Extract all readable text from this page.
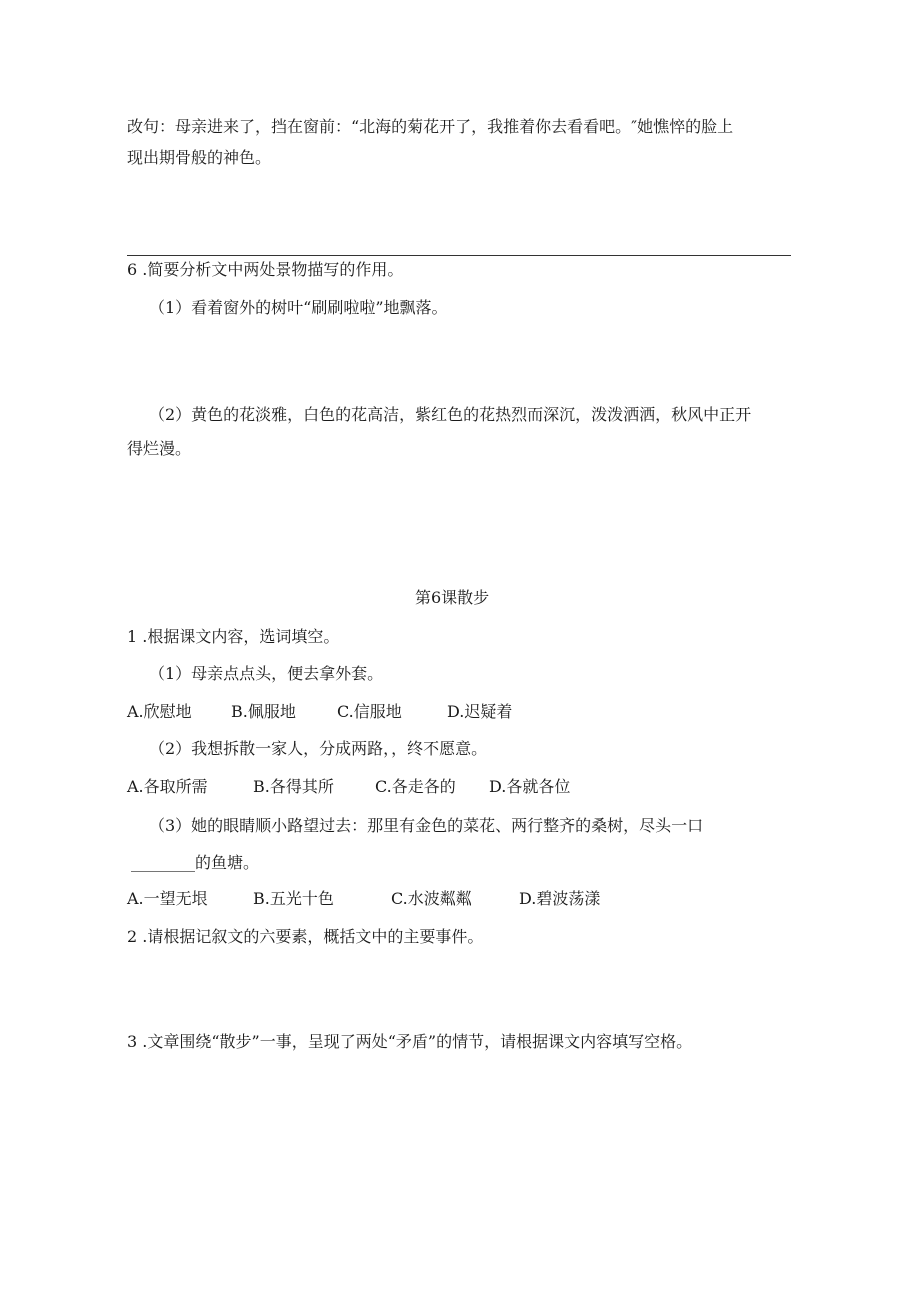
改句：母亲进来了，挡在窗前：“北海的菊花开了，我推着你去看看吧。″她憔悴的脸上
现出期骨般的神色。
6 .简要分析文中两处景物描写的作用。
（1）看着窗外的树叶“刷刷啦啦”地飘落。
（2）黄色的花淡雅，白色的花高洁，紫红色的花热烈而深沉，泼泼洒洒，秋风中正开
得烂漫。
第6课散步
1 .根据课文内容，选词填空。
（1）母亲点点头，便去拿外套。
A.欣慰地 B.佩服地	C.信服地	D.迟疑着
（2）我想拆散一家人，分成两路，，终不愿意。
A.各取所需	B.各得其所	C.各走各的 D.各就各位
（3）她的眼睛顺小路望过去：那里有金色的菜花、两行整齐的桑树，尽头一口
________的鱼塘。
A.一望无垠	B.五光十色	C.水波粼粼	D.碧波荡漾
2 .请根据记叙文的六要素，概括文中的主要事件。
3 .文章围绕“散步”一事，呈现了两处“矛盾”的情节，请根据课文内容填写空格。
